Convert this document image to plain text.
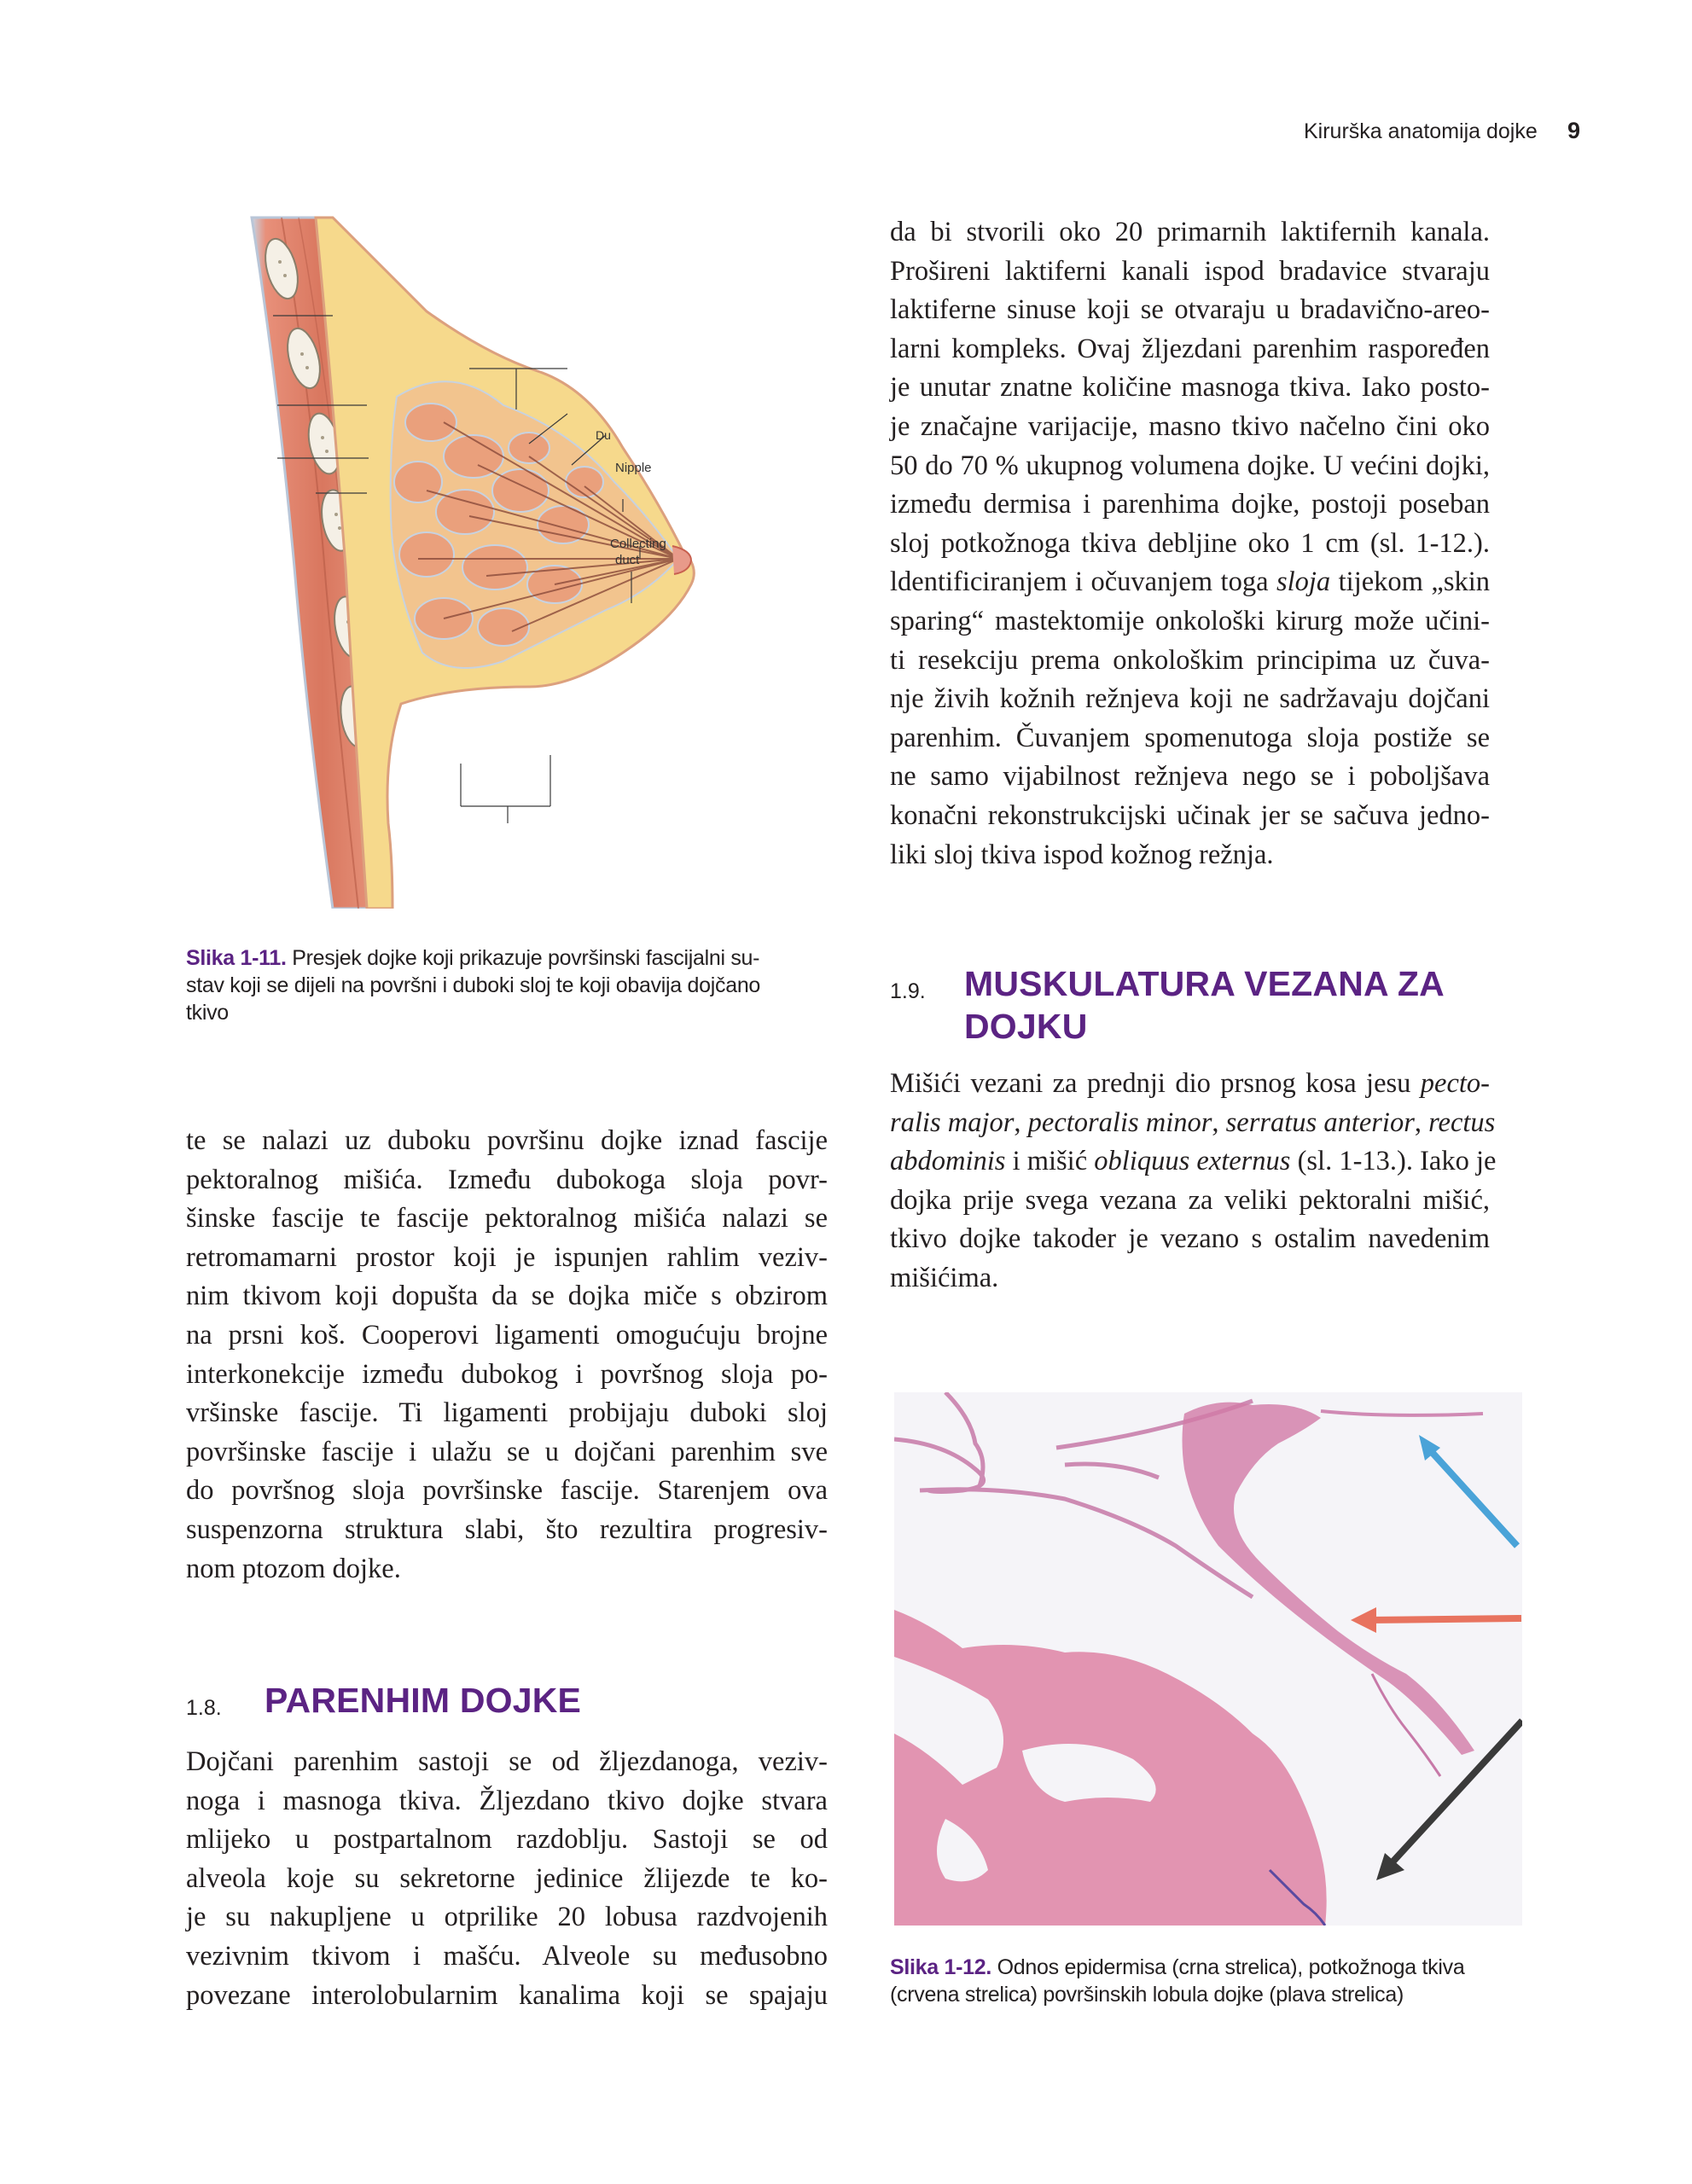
Kirurška anatomija dojke 9
Du
Nipple
Collecting
duct
Slika 1-11. Presjek dojke koji prikazuje površinski fascijalni su-
stav koji se dijeli na površni i duboki sloj te koji obavija dojčano
tkivo
da bi stvorili oko 20 primarnih laktifernih kanala.
Prošireni laktiferni kanali ispod bradavice stvaraju
laktiferne sinuse koji se otvaraju u bradavično-areo-
larni kompleks. Ovaj žljezdani parenhim raspoređen
je unutar znatne količine masnoga tkiva. Iako posto-
je značajne varijacije, masno tkivo načelno čini oko
50 do 70 % ukupnog volumena dojke. U većini dojki,
između dermisa i parenhima dojke, postoji poseban
sloj potkožnoga tkiva debljine oko 1 cm (sl. 1-12.).
ldentificiranjem i očuvanjem toga sloja tijekom „skin
sparing“ mastektomije onkološki kirurg može učini-
ti resekciju prema onkološkim principima uz čuva-
nje živih kožnih režnjeva koji ne sadržavaju dojčani
parenhim. Čuvanjem spomenutoga sloja postiže se
ne samo vijabilnost režnjeva nego se i poboljšava
konačni rekonstrukcijski učinak jer se sačuva jedno-
liki sloj tkiva ispod kožnog režnja.
1.9. MUSKULATURA VEZANA ZA
DOJKU
Mišići vezani za prednji dio prsnog kosa jesu pecto-
ralis major, pectoralis minor, serratus anterior, rectus
abdominis i mišić obliquus externus (sl. 1-13.). Iako je
dojka prije svega vezana za veliki pektoralni mišić,
tkivo dojke takoder je vezano s ostalim navedenim
mišićima.
te se nalazi uz duboku površinu dojke iznad fascije
pektoralnog mišića. Između dubokoga sloja povr-
šinske fascije te fascije pektoralnog mišića nalazi se
retromamarni prostor koji je ispunjen rahlim veziv-
nim tkivom koji dopušta da se dojka miče s obzirom
na prsni koš. Cooperovi ligamenti omogućuju brojne
interkonekcije između dubokog i površnog sloja po-
vršinske fascije. Ti ligamenti probijaju duboki sloj
površinske fascije i ulažu se u dojčani parenhim sve
do površnog sloja površinske fascije. Starenjem ova
suspenzorna struktura slabi, što rezultira progresiv-
nom ptozom dojke.
1.8. PARENHIM DOJKE
Dojčani parenhim sastoji se od žljezdanoga, veziv-
noga i masnoga tkiva. Žljezdano tkivo dojke stvara
mlijeko u postpartalnom razdoblju. Sastoji se od
alveola koje su sekretorne jedinice žlijezde te ko-
je su nakupljene u otprilike 20 lobusa razdvojenih
vezivnim tkivom i mašću. Alveole su međusobno
povezane interolobularnim kanalima koji se spajaju
Slika 1-12. Odnos epidermisa (crna strelica), potkožnoga tkiva
(crvena strelica) površinskih lobula dojke (plava strelica)
